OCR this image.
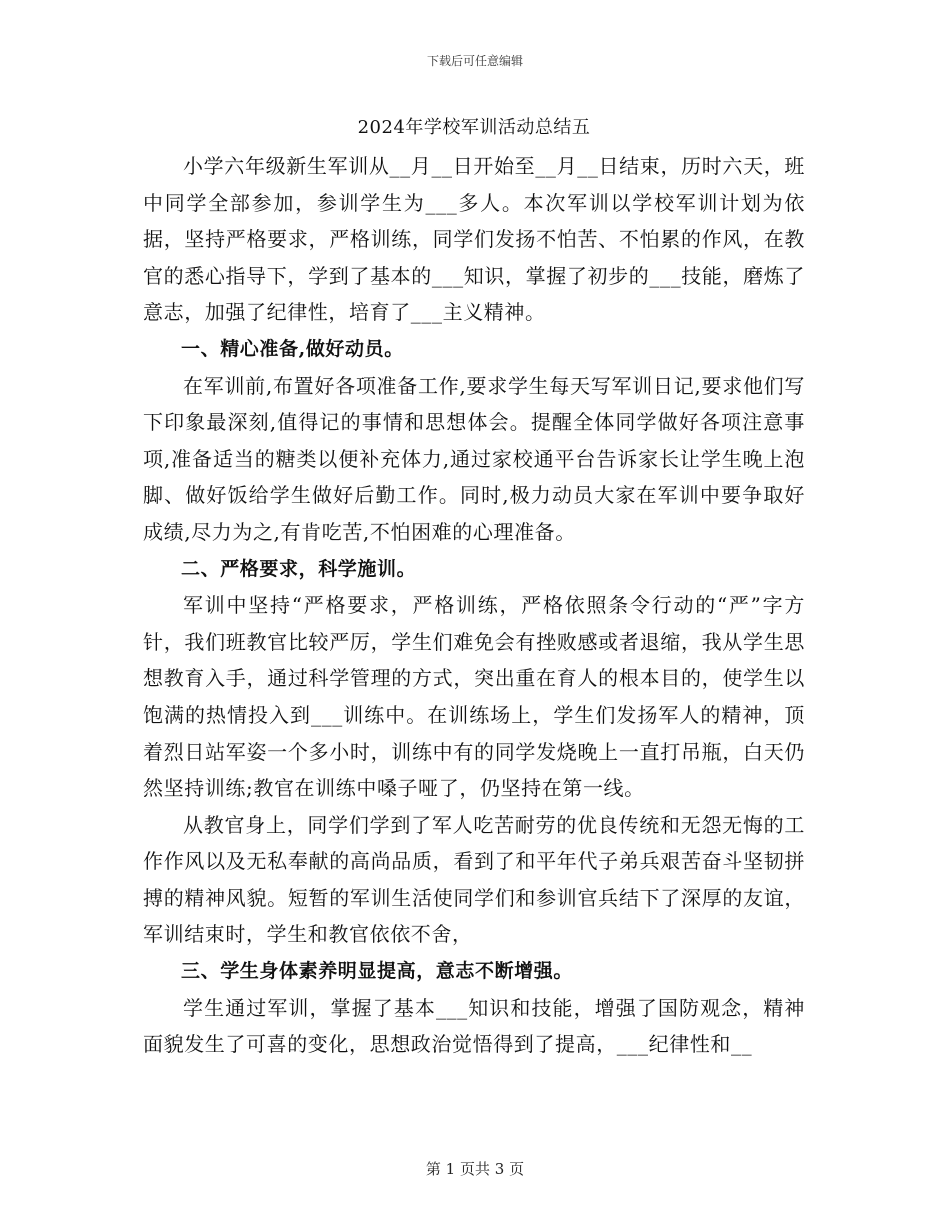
下载后可任意编辑
2024年学校军训活动总结五

小学六年级新生军训从__月__日开始至__月__日结束，历时六天，班中同学全部参加，参训学生为___多人。本次军训以学校军训计划为依据，坚持严格要求，严格训练，同学们发扬不怕苦、不怕累的作风，在教官的悉心指导下，学到了基本的___知识，掌握了初步的___技能，磨炼了意志，加强了纪律性，培育了___主义精神。

一、精心准备,做好动员。

在军训前,布置好各项准备工作,要求学生每天写军训日记,要求他们写下印象最深刻,值得记的事情和思想体会。提醒全体同学做好各项注意事项,准备适当的糖类以便补充体力,通过家校通平台告诉家长让学生晚上泡脚、做好饭给学生做好后勤工作。同时,极力动员大家在军训中要争取好成绩,尽力为之,有肯吃苦,不怕困难的心理准备。

二、严格要求，科学施训。

军训中坚持“严格要求，严格训练，严格依照条令行动的“严”字方针，我们班教官比较严厉，学生们难免会有挫败感或者退缩，我从学生思想教育入手，通过科学管理的方式，突出重在育人的根本目的，使学生以饱满的热情投入到___训练中。在训练场上，学生们发扬军人的精神，顶着烈日站军姿一个多小时，训练中有的同学发烧晚上一直打吊瓶，白天仍然坚持训练;教官在训练中嗓子哑了，仍坚持在第一线。

从教官身上，同学们学到了军人吃苦耐劳的优良传统和无怨无悔的工作作风以及无私奉献的高尚品质，看到了和平年代子弟兵艰苦奋斗坚韧拼搏的精神风貌。短暂的军训生活使同学们和参训官兵结下了深厚的友谊，军训结束时，学生和教官依依不舍，

三、学生身体素养明显提高，意志不断增强。

学生通过军训，掌握了基本___知识和技能，增强了国防观念，精神面貌发生了可喜的变化，思想政治觉悟得到了提高，___纪律性和__

第 1 页共 3 页
